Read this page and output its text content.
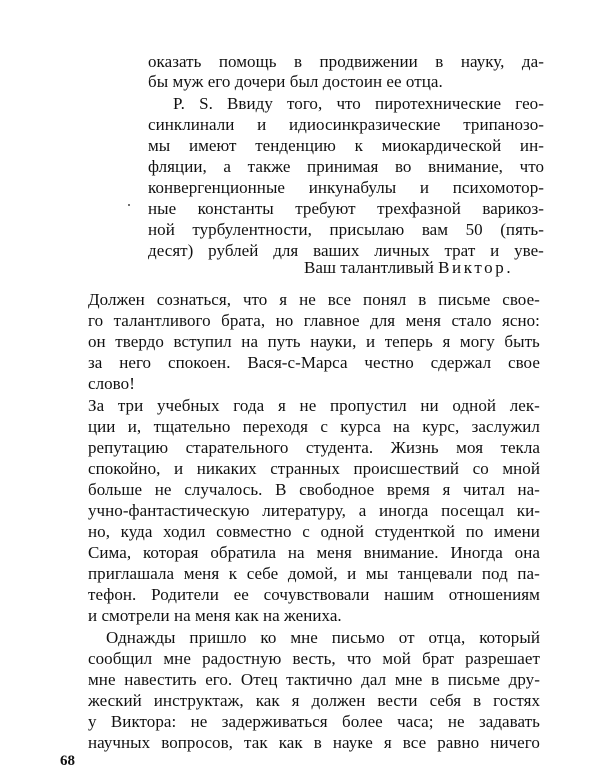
оказать помощь в продвижении в науку, да-
бы муж его дочери был достоин ее отца.
P. S. Ввиду того, что пиротехнические гео-
синклинали и идиосинкразические трипанозо-
мы имеют тенденцию к миокардической ин-
фляции, а также принимая во внимание, что
конвергенционные инкунабулы и психомотор-
ные константы требуют трехфазной варикоз-
ной турбулентности, присылаю вам 50 (пять-
десят) рублей для ваших личных трат и уве-
Ваш талантливый Виктор.
Должен сознаться, что я не все понял в письме свое-
го талантливого брата, но главное для меня стало ясно:
он твердо вступил на путь науки, и теперь я могу быть
за него спокоен. Вася-с-Марса честно сдержал свое
слово!
За три учебных года я не пропустил ни одной лек-
ции и, тщательно переходя с курса на курс, заслужил
репутацию старательного студента. Жизнь моя текла
спокойно, и никаких странных происшествий со мной
больше не случалось. В свободное время я читал на-
учно-фантастическую литературу, а иногда посещал ки-
но, куда ходил совместно с одной студенткой по имени
Сима, которая обратила на меня внимание. Иногда она
приглашала меня к себе домой, и мы танцевали под па-
тефон. Родители ее сочувствовали нашим отношениям
и смотрели на меня как на жениха.
Однажды пришло ко мне письмо от отца, который
сообщил мне радостную весть, что мой брат разрешает
мне навестить его. Отец тактично дал мне в письме дру-
жеский инструктаж, как я должен вести себя в гостях
у Виктора: не задерживаться более часа; не задавать
научных вопросов, так как в науке я все равно ничего
68
